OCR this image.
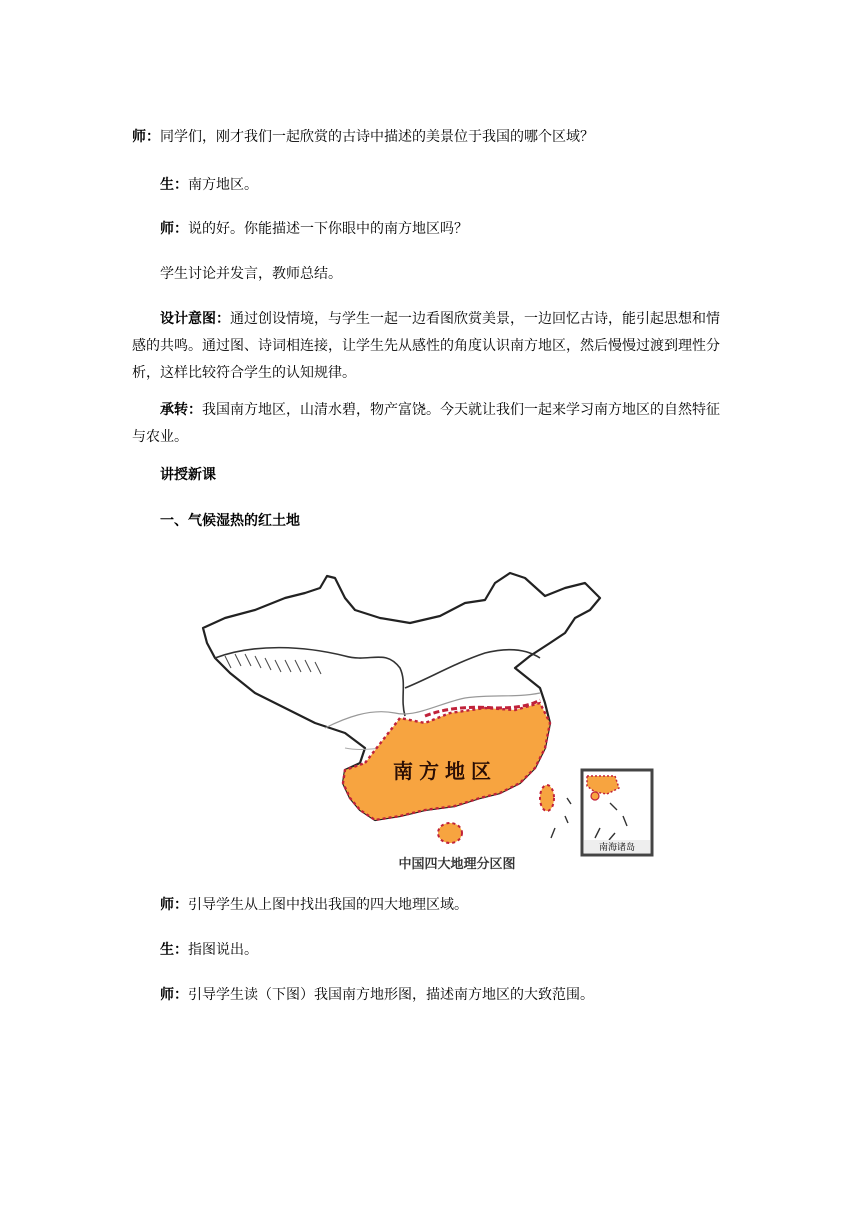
师：同学们，刚才我们一起欣赏的古诗中描述的美景位于我国的哪个区域？

生：南方地区。

师：说的好。你能描述一下你眼中的南方地区吗？

学生讨论并发言，教师总结。

设计意图：通过创设情境，与学生一起一边看图欣赏美景，一边回忆古诗，能引起思想和情感的共鸣。通过图、诗词相连接，让学生先从感性的角度认识南方地区，然后慢慢过渡到理性分析，这样比较符合学生的认知规律。

承转：我国南方地区，山清水碧，物产富饶。今天就让我们一起来学习南方地区的自然特征与农业。

讲授新课

一、气候湿热的红土地

南方地区
南海诸岛
中国四大地理分区图

师：引导学生从上图中找出我国的四大地理区域。

生：指图说出。

师：引导学生读（下图）我国南方地形图，描述南方地区的大致范围。
